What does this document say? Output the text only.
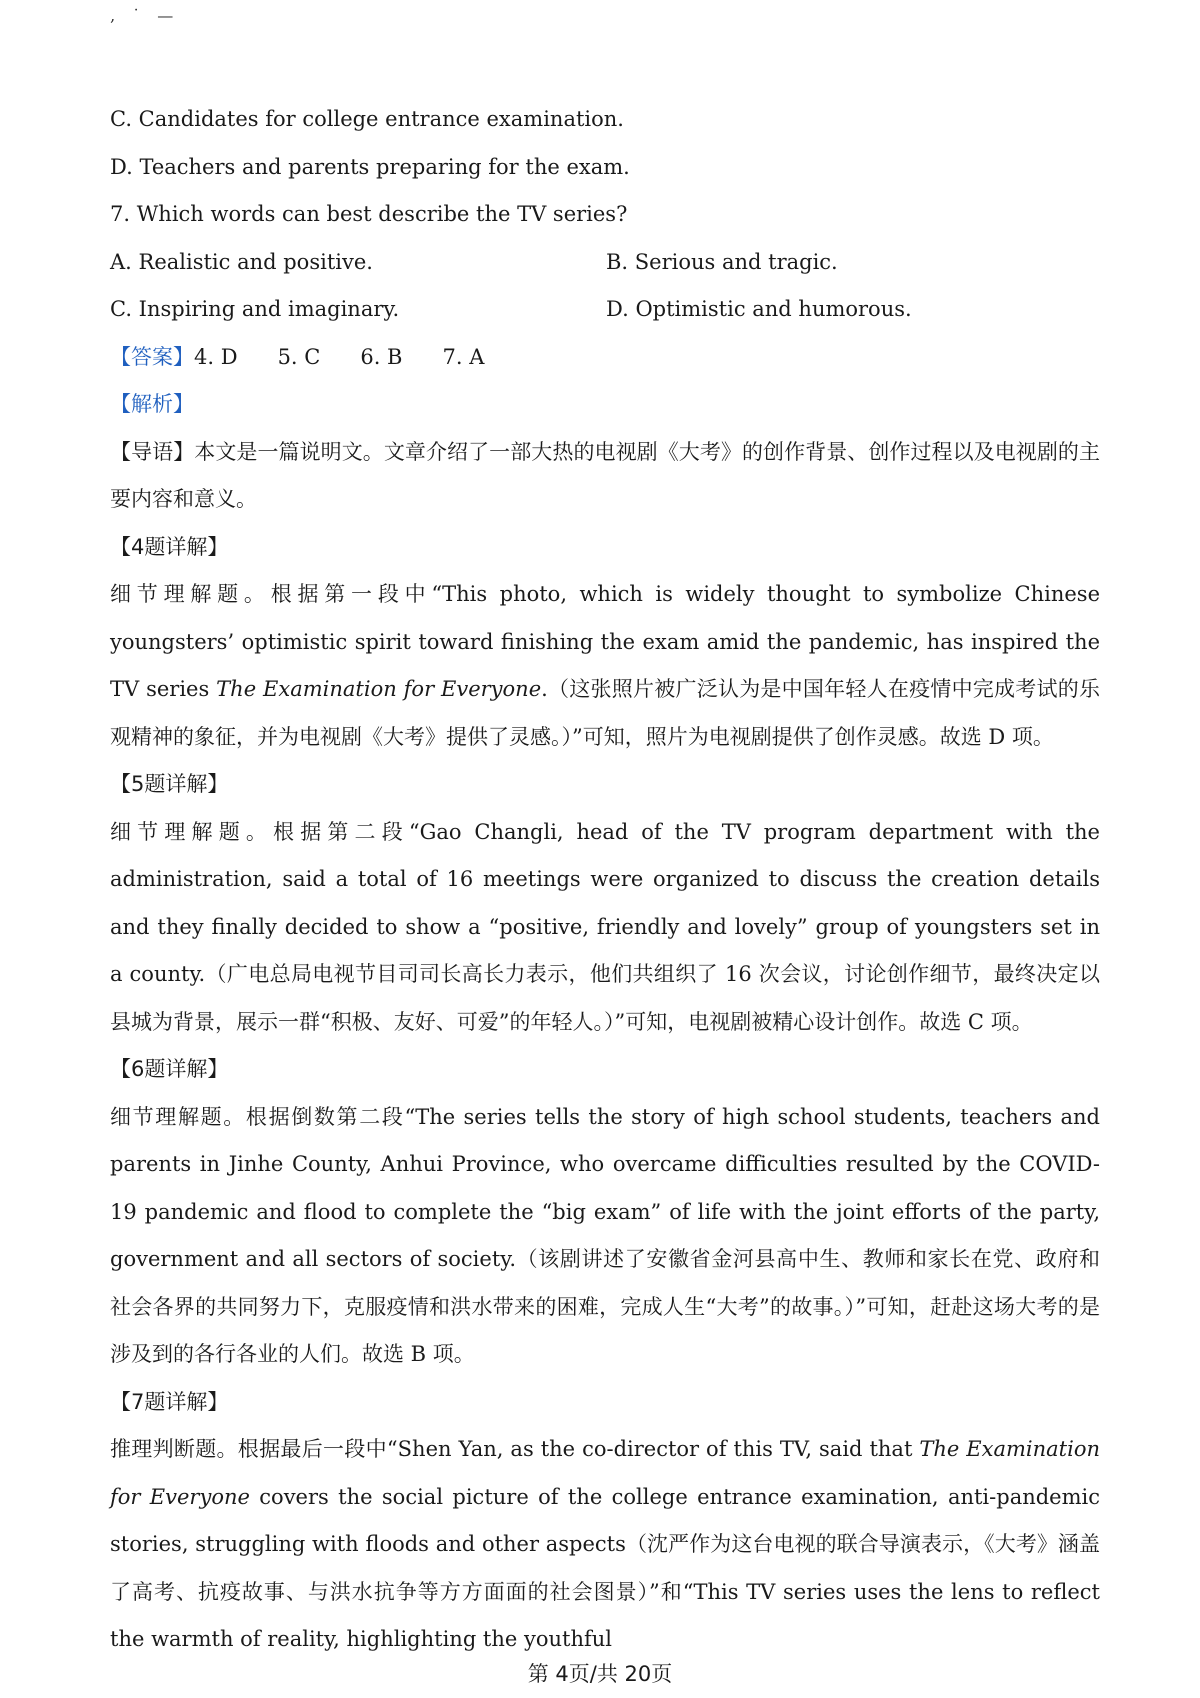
‚ ˙ —
C. Candidates for college entrance examination.
D. Teachers and parents preparing for the exam.
7. Which words can best describe the TV series?
A. Realistic and positive.	B. Serious and tragic.
C. Inspiring and imaginary.	D. Optimistic and humorous.
【答案】4. D 5. C 6. B 7. A
【解析】
【导语】本文是一篇说明文。文章介绍了一部大热的电视剧《大考》的创作背景、创作过程以及电视剧的主要内容和意义。
【4题详解】
细节理解题。根据第一段中“This photo, which is widely thought to symbolize Chinese youngsters’ optimistic spirit toward finishing the exam amid the pandemic, has inspired the TV series The Examination for Everyone.（这张照片被广泛认为是中国年轻人在疫情中完成考试的乐观精神的象征，并为电视剧《大考》提供了灵感。）”可知，照片为电视剧提供了创作灵感。故选 D 项。
【5题详解】
细节理解题。根据第二段“Gao Changli, head of the TV program department with the administration, said a total of 16 meetings were organized to discuss the creation details and they finally decided to show a “positive, friendly and lovely” group of youngsters set in a county.（广电总局电视节目司司长高长力表示，他们共组织了 16 次会议，讨论创作细节，最终决定以县城为背景，展示一群“积极、友好、可爱”的年轻人。）”可知，电视剧被精心设计创作。故选 C 项。
【6题详解】
细节理解题。根据倒数第二段“The series tells the story of high school students, teachers and parents in Jinhe County, Anhui Province, who overcame difficulties resulted by the COVID-19 pandemic and flood to complete the “big exam” of life with the joint efforts of the party, government and all sectors of society.（该剧讲述了安徽省金河县高中生、教师和家长在党、政府和社会各界的共同努力下，克服疫情和洪水带来的困难，完成人生“大考”的故事。）”可知，赶赴这场大考的是涉及到的各行各业的人们。故选 B 项。
【7题详解】
推理判断题。根据最后一段中“Shen Yan, as the co-director of this TV, said that The Examination for Everyone covers the social picture of the college entrance examination, anti-pandemic stories, struggling with floods and other aspects（沈严作为这台电视的联合导演表示，《大考》涵盖了高考、抗疫故事、与洪水抗争等方方面面的社会图景）”和“This TV series uses the lens to reflect the warmth of reality, highlighting the youthful
第 4页/共 20页
